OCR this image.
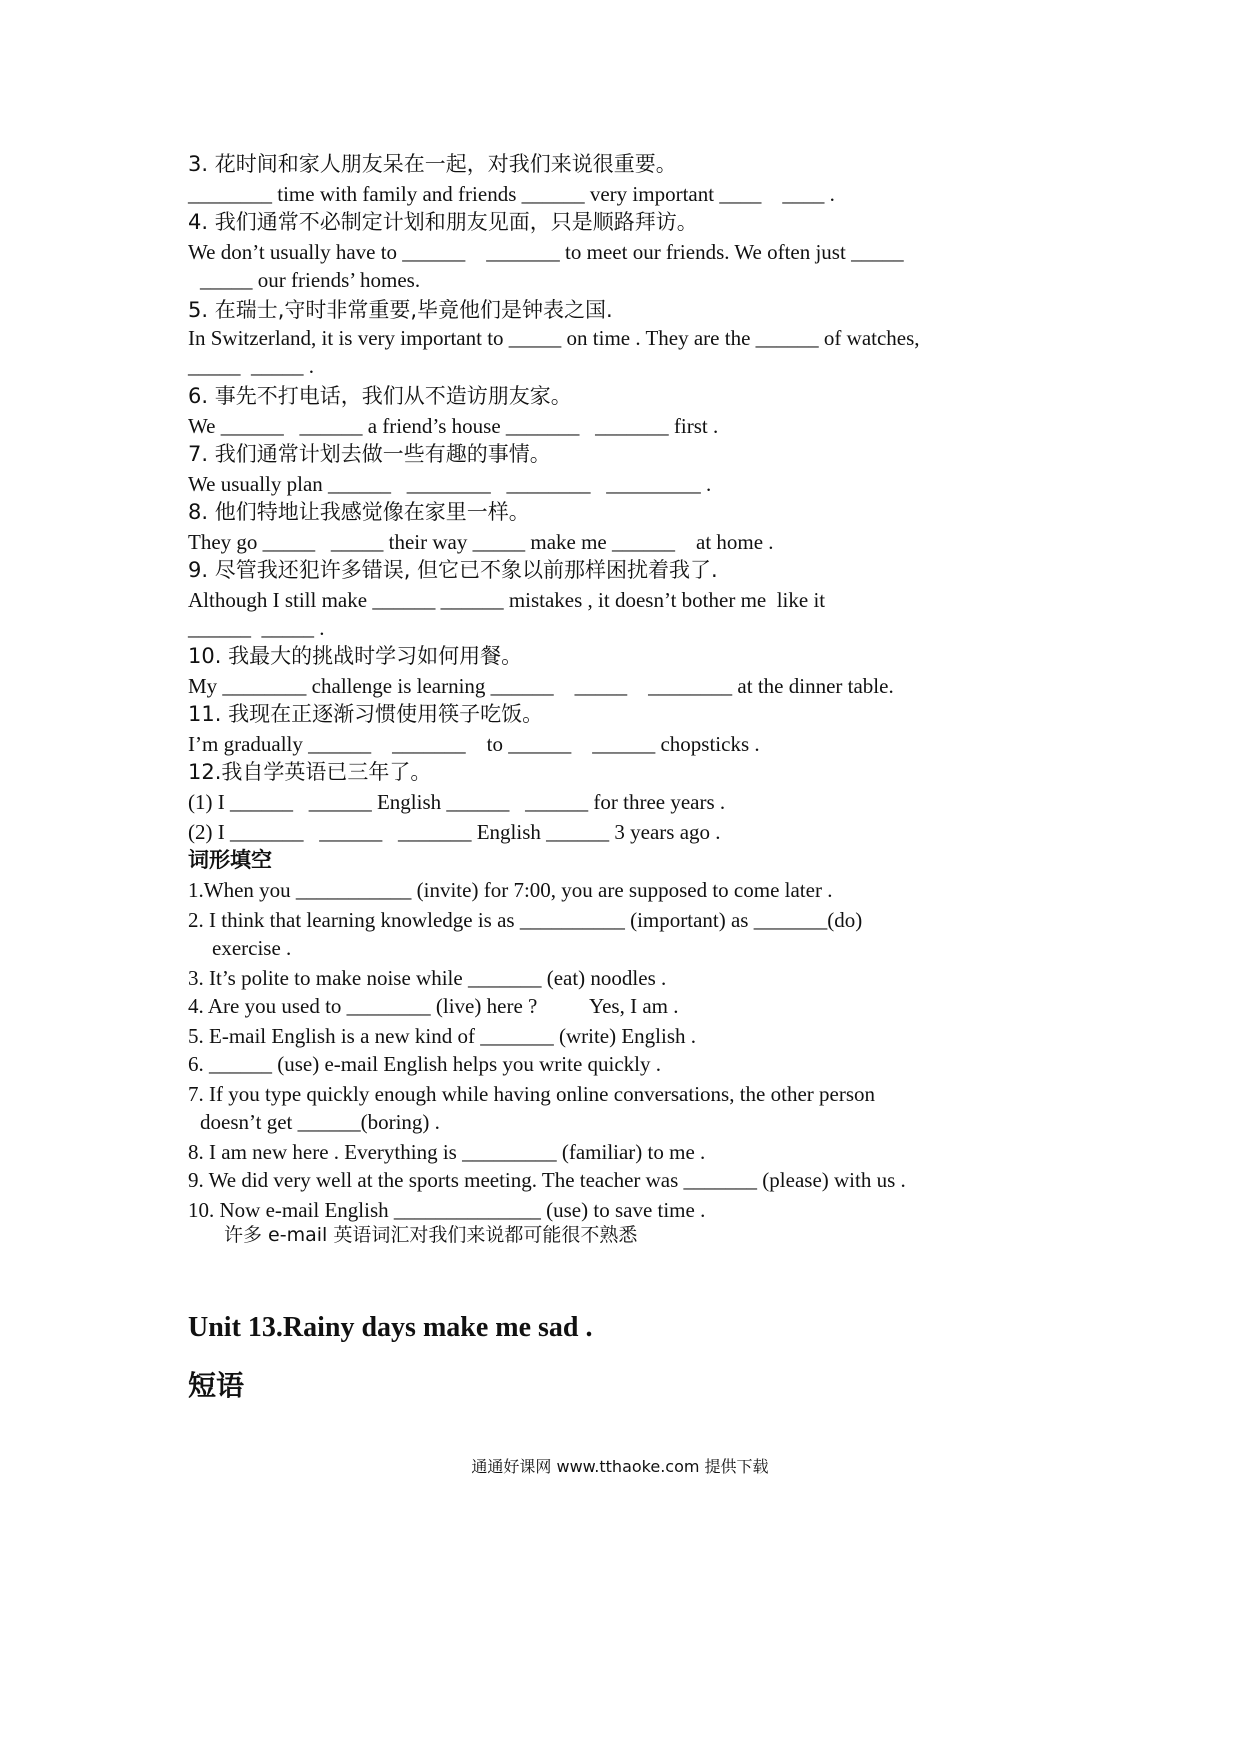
3. 花时间和家人朋友呆在一起，对我们来说很重要。
________ time with family and friends ______ very important ____    ____ .
4. 我们通常不必制定计划和朋友见面，只是顺路拜访。
We don’t usually have to ______    _______ to meet our friends. We often just _____
_____ our friends’ homes.
5. 在瑞士,守时非常重要,毕竟他们是钟表之国.
In Switzerland, it is very important to _____ on time . They are the ______ of watches,
_____  _____ .
6. 事先不打电话，我们从不造访朋友家。
We ______   ______ a friend’s house _______   _______ first .
7. 我们通常计划去做一些有趣的事情。
We usually plan ______   ________   ________   _________ .
8. 他们特地让我感觉像在家里一样。
They go _____   _____ their way _____ make me ______    at home .
9. 尽管我还犯许多错误, 但它已不象以前那样困扰着我了.
Although I still make ______ ______ mistakes , it doesn’t bother me  like it
______  _____ .
10. 我最大的挑战时学习如何用餐。
My ________ challenge is learning ______    _____    ________ at the dinner table.
11. 我现在正逐渐习惯使用筷子吃饭。
I’m gradually ______    _______    to ______    ______ chopsticks .
12.我自学英语已三年了。
(1) I ______   ______ English ______   ______ for three years .
(2) I _______   ______   _______ English ______ 3 years ago .
词形填空
1.When you ___________ (invite) for 7:00, you are supposed to come later .
2. I think that learning knowledge is as __________ (important) as _______(do)
exercise .
3. It’s polite to make noise while _______ (eat) noodles .
4. Are you used to ________ (live) here ?          Yes, I am .
5. E-mail English is a new kind of _______ (write) English .
6. ______ (use) e-mail English helps you write quickly .
7. If you type quickly enough while having online conversations, the other person
doesn’t get ______(boring) .
8. I am new here . Everything is _________ (familiar) to me .
9. We did very well at the sports meeting. The teacher was _______ (please) with us .
10. Now e-mail English ______________ (use) to save time .
许多 e-mail 英语词汇对我们来说都可能很不熟悉
Unit 13.Rainy days make me sad .
短语
通通好课网 www.tthaoke.com 提供下载
